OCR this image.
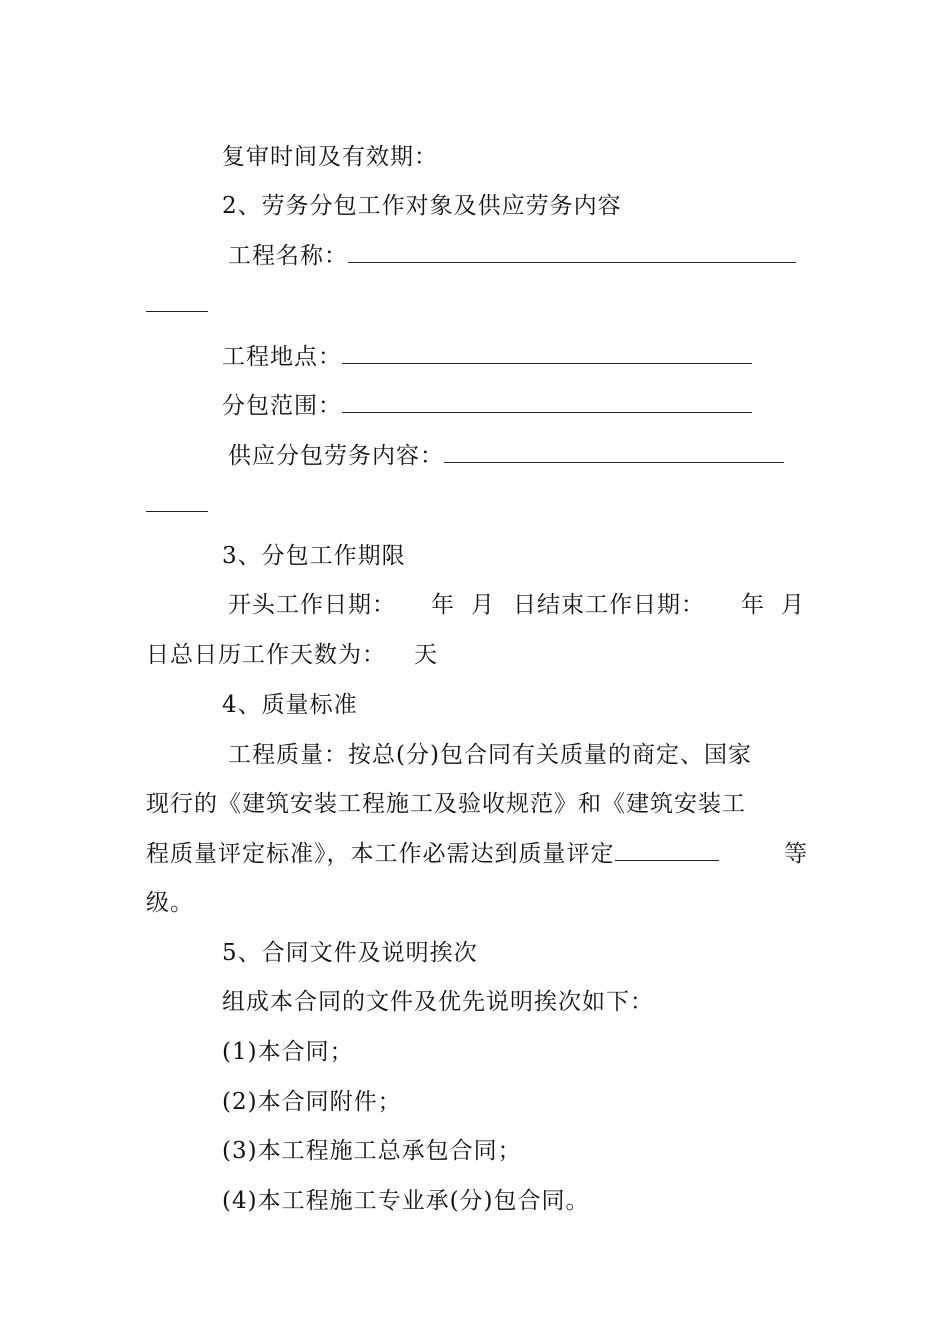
复审时间及有效期：
2、劳务分包工作对象及供应劳务内容
工程名称：
工程地点：
分包范围：
供应分包劳务内容：
3、分包工作期限
开头工作日期： 年 月 日结束工作日期： 年 月
日总日历工作天数为： 天
4、质量标准
工程质量：按总(分)包合同有关质量的商定、国家
现行的《建筑安装工程施工及验收规范》和《建筑安装工
程质量评定标准》，本工作必需达到质量评定	等
级。
5、合同文件及说明挨次
组成本合同的文件及优先说明挨次如下：
(1)本合同；
(2)本合同附件；
(3)本工程施工总承包合同；
(4)本工程施工专业承(分)包合同。
